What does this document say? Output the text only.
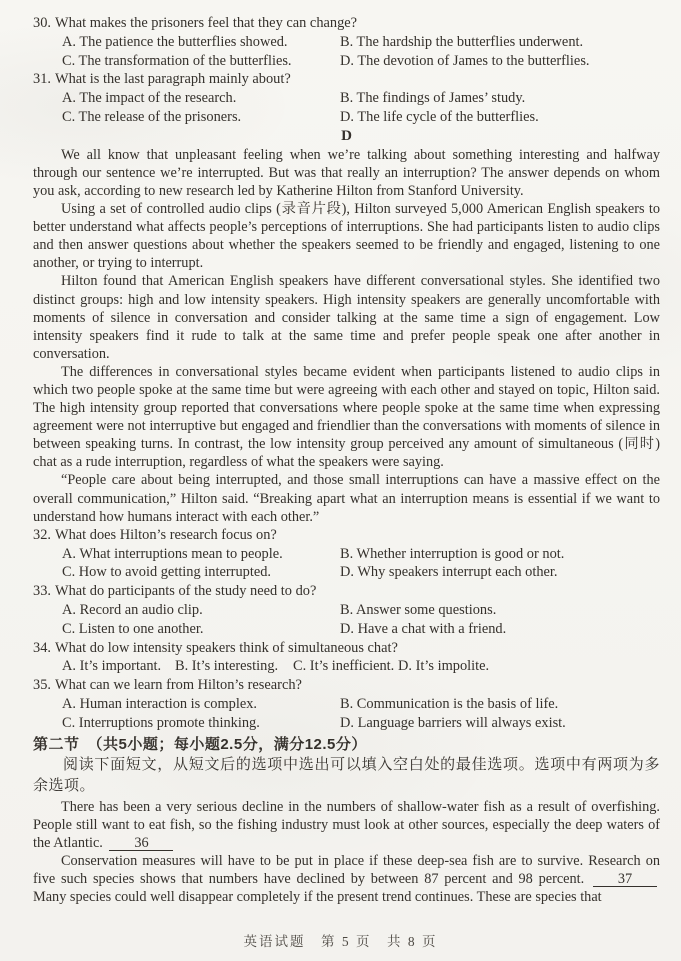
30. What makes the prisoners feel that they can change?
A. The patience the butterflies showed.	B. The hardship the butterflies underwent.
C. The transformation of the butterflies.	D. The devotion of James to the butterflies.
31. What is the last paragraph mainly about?
A. The impact of the research.	B. The findings of James’ study.
C. The release of the prisoners.	D. The life cycle of the butterflies.
D

We all know that unpleasant feeling when we’re talking about something interesting and halfway through our sentence we’re interrupted. But was that really an interruption? The answer depends on whom you ask, according to new research led by Katherine Hilton from Stanford University.

Using a set of controlled audio clips (录音片段), Hilton surveyed 5,000 American English speakers to better understand what affects people’s perceptions of interruptions. She had participants listen to audio clips and then answer questions about whether the speakers seemed to be friendly and engaged, listening to one another, or trying to interrupt.

Hilton found that American English speakers have different conversational styles. She identified two distinct groups: high and low intensity speakers. High intensity speakers are generally uncomfortable with moments of silence in conversation and consider talking at the same time a sign of engagement. Low intensity speakers find it rude to talk at the same time and prefer people speak one after another in conversation.

The differences in conversational styles became evident when participants listened to audio clips in which two people spoke at the same time but were agreeing with each other and stayed on topic, Hilton said. The high intensity group reported that conversations where people spoke at the same time when expressing agreement were not interruptive but engaged and friendlier than the conversations with moments of silence in between speaking turns. In contrast, the low intensity group perceived any amount of simultaneous (同时) chat as a rude interruption, regardless of what the speakers were saying.

“People care about being interrupted, and those small interruptions can have a massive effect on the overall communication,” Hilton said. “Breaking apart what an interruption means is essential if we want to understand how humans interact with each other.”

32. What does Hilton’s research focus on?
A. What interruptions mean to people.	B. Whether interruption is good or not.
C. How to avoid getting interrupted.	D. Why speakers interrupt each other.
33. What do participants of the study need to do?
A. Record an audio clip.	B. Answer some questions.
C. Listen to one another.	D. Have a chat with a friend.
34. What do low intensity speakers think of simultaneous chat?
A. It’s important. B. It’s interesting.	C. It’s inefficient. D. It’s impolite.
35. What can we learn from Hilton’s research?
A. Human interaction is complex.	B. Communication is the basis of life.
C. Interruptions promote thinking.	D. Language barriers will always exist.
第二节　（共5小题；每小题2.5分，满分12.5分）

阅读下面短文，从短文后的选项中选出可以填入空白处的最佳选项。选项中有两项为多余选项。

There has been a very serious decline in the numbers of shallow-water fish as a result of overfishing. People still want to eat fish, so the fishing industry must look at other sources, especially the deep waters of the Atlantic. 36

Conservation measures will have to be put in place if these deep-sea fish are to survive. Research on five such species shows that numbers have declined by between 87 percent and 98 percent. 37 Many species could well disappear completely if the present trend continues. These are species that

英语试题　第 5 页　共 8 页
